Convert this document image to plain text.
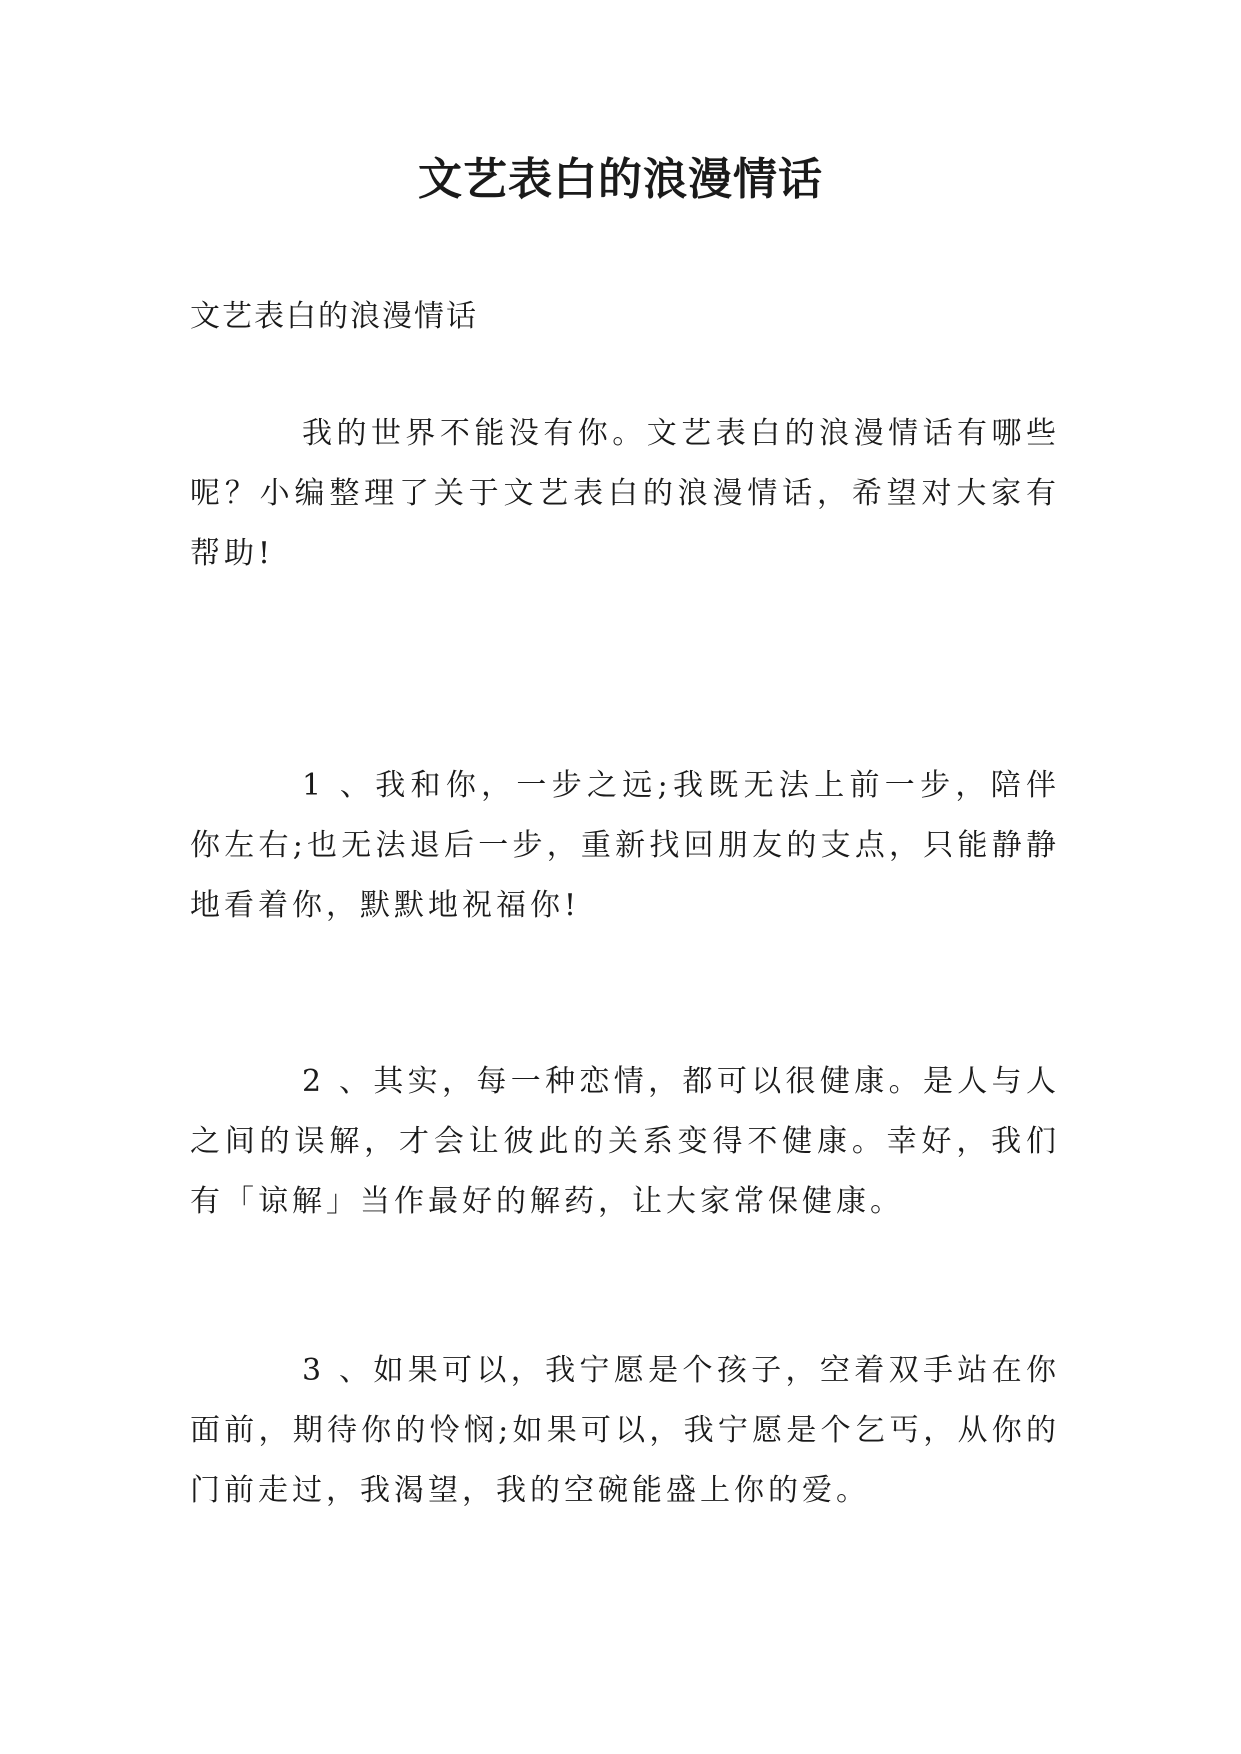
文艺表白的浪漫情话
文艺表白的浪漫情话
我的世界不能没有你。文艺表白的浪漫情话有哪些呢？小编整理了关于文艺表白的浪漫情话，希望对大家有帮助!
1 、我和你，一步之远;我既无法上前一步，陪伴你左右;也无法退后一步，重新找回朋友的支点，只能静静地看着你，默默地祝福你!
2 、其实，每一种恋情，都可以很健康。是人与人之间的误解，才会让彼此的关系变得不健康。幸好，我们有「谅解」当作最好的解药，让大家常保健康。
3 、如果可以，我宁愿是个孩子，空着双手站在你面前，期待你的怜悯;如果可以，我宁愿是个乞丐，从你的门前走过，我渴望，我的空碗能盛上你的爱。
